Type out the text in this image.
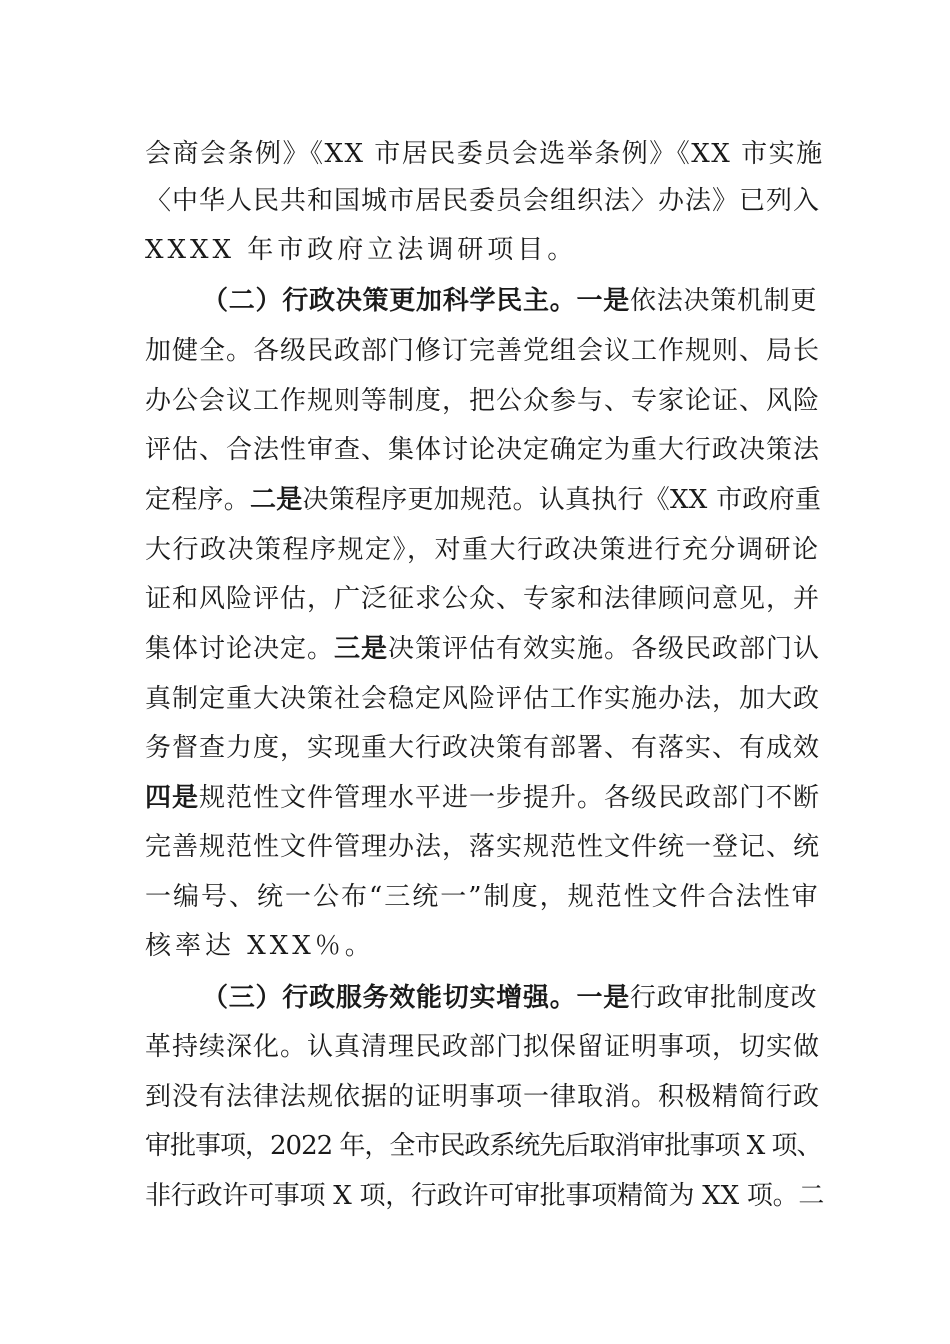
会商会条例》《XX 市居民委员会选举条例》《XX 市实施
〈中华人民共和国城市居民委员会组织法〉办法》已列入
XXXX 年市政府立法调研项目。
（二）行政决策更加科学民主。一是依法决策机制更
加健全。各级民政部门修订完善党组会议工作规则、局长
办公会议工作规则等制度，把公众参与、专家论证、风险
评估、合法性审查、集体讨论决定确定为重大行政决策法
定程序。二是决策程序更加规范。认真执行《XX 市政府重
大行政决策程序规定》，对重大行政决策进行充分调研论
证和风险评估，广泛征求公众、专家和法律顾问意见，并
集体讨论决定。三是决策评估有效实施。各级民政部门认
真制定重大决策社会稳定风险评估工作实施办法，加大政
务督查力度，实现重大行政决策有部署、有落实、有成效
四是规范性文件管理水平进一步提升。各级民政部门不断
完善规范性文件管理办法，落实规范性文件统一登记、统
一编号、统一公布“三统一”制度，规范性文件合法性审
核率达 XXX％。
（三）行政服务效能切实增强。一是行政审批制度改
革持续深化。认真清理民政部门拟保留证明事项，切实做
到没有法律法规依据的证明事项一律取消。积极精简行政
审批事项，2022 年，全市民政系统先后取消审批事项 X 项、
非行政许可事项 X 项，行政许可审批事项精简为 XX 项。二
